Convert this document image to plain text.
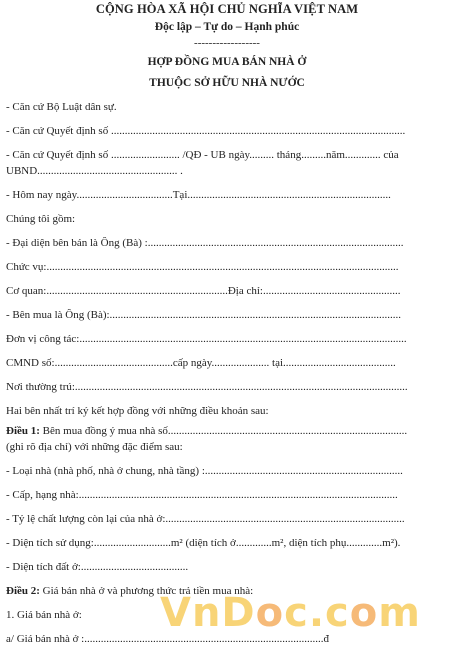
CỘNG HÒA XÃ HỘI CHỦ NGHĨA VIỆT NAM
Độc lập – Tự do – Hạnh phúc
------------------
HỢP ĐỒNG MUA BÁN NHÀ Ở
THUỘC SỞ HỮU NHÀ NƯỚC
- Căn cứ Bộ Luật dân sự.
- Căn cứ Quyết định số ...........................................................................................................
- Căn cứ Quyết định số ......................... /QĐ - UB ngày......... tháng.........năm............. của
UBND................................................... .
- Hôm nay ngày...................................Tại..........................................................................
Chúng tôi gồm:
- Đại diện bên bán là Ông (Bà) :.............................................................................................
Chức vụ:................................................................................................................................
Cơ quan:..................................................................Địa chỉ:..................................................
- Bên mua là Ông (Bà):..........................................................................................................
Đơn vị công tác:.......................................................................................................................
CMND số:...........................................cấp ngày..................... tại.........................................
Nơi thường trú:.........................................................................................................................
Hai bên nhất trí ký kết hợp đồng với những điều khoản sau:
Điều 1: Bên mua đồng ý mua nhà số.......................................................................................
(ghi rõ địa chỉ) với những đặc điểm sau:
- Loại nhà (nhà phố, nhà ở chung, nhà tầng) :........................................................................
- Cấp, hạng nhà:....................................................................................................................
- Tỷ lệ chất lượng còn lại của nhà ở:.......................................................................................
- Diện tích sử dụng:............................m² (diện tích ở.............m², diện tích phụ.............m²).
- Diện tích đất ở:.......................................
Điều 2: Giá bán nhà ở và phương thức trả tiền mua nhà:
1. Giá bán nhà ở:
a/ Giá bán nhà ở :.......................................................................................đ
VnDoc.com
